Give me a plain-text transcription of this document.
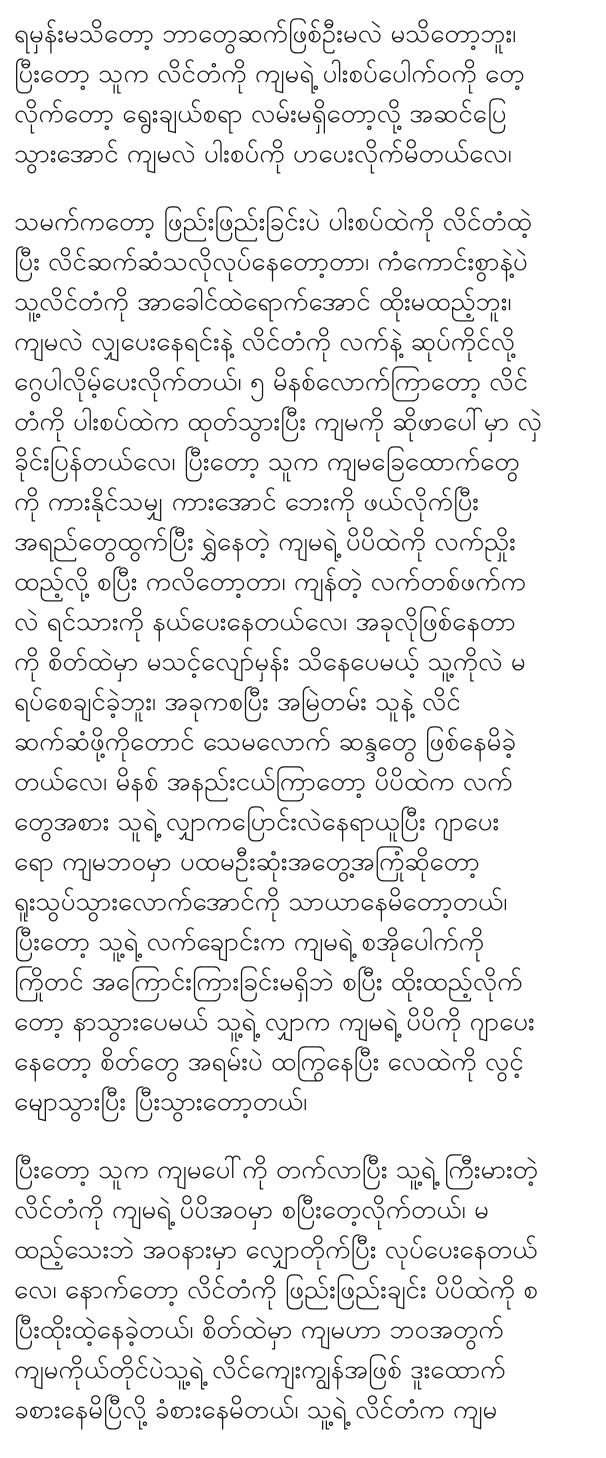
ရမှန်းမသိတော့ ဘာတွေဆက်ဖြစ်ဦးမလဲ မသိတော့ဘူး၊
ပြီးတော့ သူက လိင်တံကို ကျမရဲ့ ပါးစပ်ပေါက်ဝကို တေ့
လိုက်တော့ ရွေးချယ်စရာ လမ်းမရှိတော့လို့ အဆင်ပြေ
သွားအောင် ကျမလဲ ပါးစပ်ကို ဟပေးလိုက်မိတယ်လေ၊
သမက်ကတော့ ဖြည်းဖြည်းခြင်းပဲ ပါးစပ်ထဲကို လိင်တံထဲ့
ပြီး လိင်ဆက်ဆံသလိုလုပ်နေတော့တာ၊ ကံကောင်းစွာနဲ့ပဲ
သူ့လိင်တံကို အာခေါင်ထဲရောက်အောင် ထိုးမထည့်ဘူး၊
ကျမလဲ လျှပေးနေရင်းနဲ့ လိင်တံကို လက်နဲ့ ဆုပ်ကိုင်လို့
ဂွေပါလိုမ့်ပေးလိုက်တယ်၊ ၅ မိနစ်လောက်ကြာတော့ လိင်
တံကို ပါးစပ်ထဲက ထုတ်သွားပြီး ကျမကို ဆိုဖာပေါ်မှာ လှဲ
ခိုင်းပြန်တယ်လေ၊ ပြီးတော့ သူက ကျမခြေထောက်တွေ
ကို ကားနိုင်သမျှ ကားအောင် ဘေးကို ဖယ်လိုက်ပြီး
အရည်တွေထွက်ပြီး ရွှဲနေတဲ့ ကျမရဲ့ ပိပိထဲကို လက်ညှိုး
ထည့်လို့ စပြီး ကလိတော့တာ၊ ကျန်တဲ့ လက်တစ်ဖက်က
လဲ ရင်သားကို နယ်ပေးနေတယ်လေ၊ အခုလိုဖြစ်နေတာ
ကို စိတ်ထဲမှာ မသင့်လျော်မှန်း သိနေပေမယ့် သူ့ကိုလဲ မ
ရပ်စေချင်ခဲ့ဘူး၊ အခုကစပြီး အမြဲတမ်း သူနဲ့ လိင်
ဆက်ဆံဖို့ကိုတောင် သေမလောက် ဆန္ဒတွေ ဖြစ်နေမိခဲ့
တယ်လေ၊ မိနစ် အနည်းငယ်ကြာတော့ ပိပိထဲက လက်
တွေအစား သူရဲ့ လျှာကပြောင်းလဲနေရာယူပြီး ဂျာပေး
ရော ကျမဘဝမှာ ပထမဦးဆုံးအတွေ့အကြုံဆိုတော့
ရူးသွပ်သွားလောက်အောင်ကို သာယာနေမိတော့တယ်၊
ပြီးတော့ သူ့ရဲ့ လက်ချောင်းက ကျမရဲ့ စအိုပေါက်ကို
ကြိုတင် အကြောင်းကြားခြင်းမရှိဘဲ စပြီး ထိုးထည့်လိုက်
တော့ နာသွားပေမယ် သူ့ရဲ့ လျှာက ကျမရဲ့ ပိပိကို ဂျာပေး
နေတော့ စိတ်တွေ အရမ်းပဲ ထကြွနေပြီး လေထဲကို လွင့်
မျောသွားပြီး ပြီးသွားတော့တယ်၊
ပြီးတော့ သူက ကျမပေါ်ကို တက်လာပြီး သူ့ရဲ့ ကြီးမားတဲ့
လိင်တံကို ကျမရဲ့ ပိပိအဝမှာ စပြီးတေ့လိုက်တယ်၊ မ
ထည့်သေးဘဲ အဝနားမှာ လျှောတိုက်ပြီး လုပ်ပေးနေတယ်
လေ၊ နောက်တော့ လိင်တံကို ဖြည်းဖြည်းချင်း ပိပိထဲကို စ
ပြီးထိုးထဲ့နေခဲ့တယ်၊ စိတ်ထဲမှာ ကျမဟာ ဘဝအတွက်
ကျမကိုယ်တိုင်ပဲသူ့ရဲ့ လိင်ကျေးကျွန်အဖြစ် ဒူးထောက်
ခစားနေမိပြီလို့ ခံစားနေမိတယ်၊ သူ့ရဲ့ လိင်တံက ကျမ
